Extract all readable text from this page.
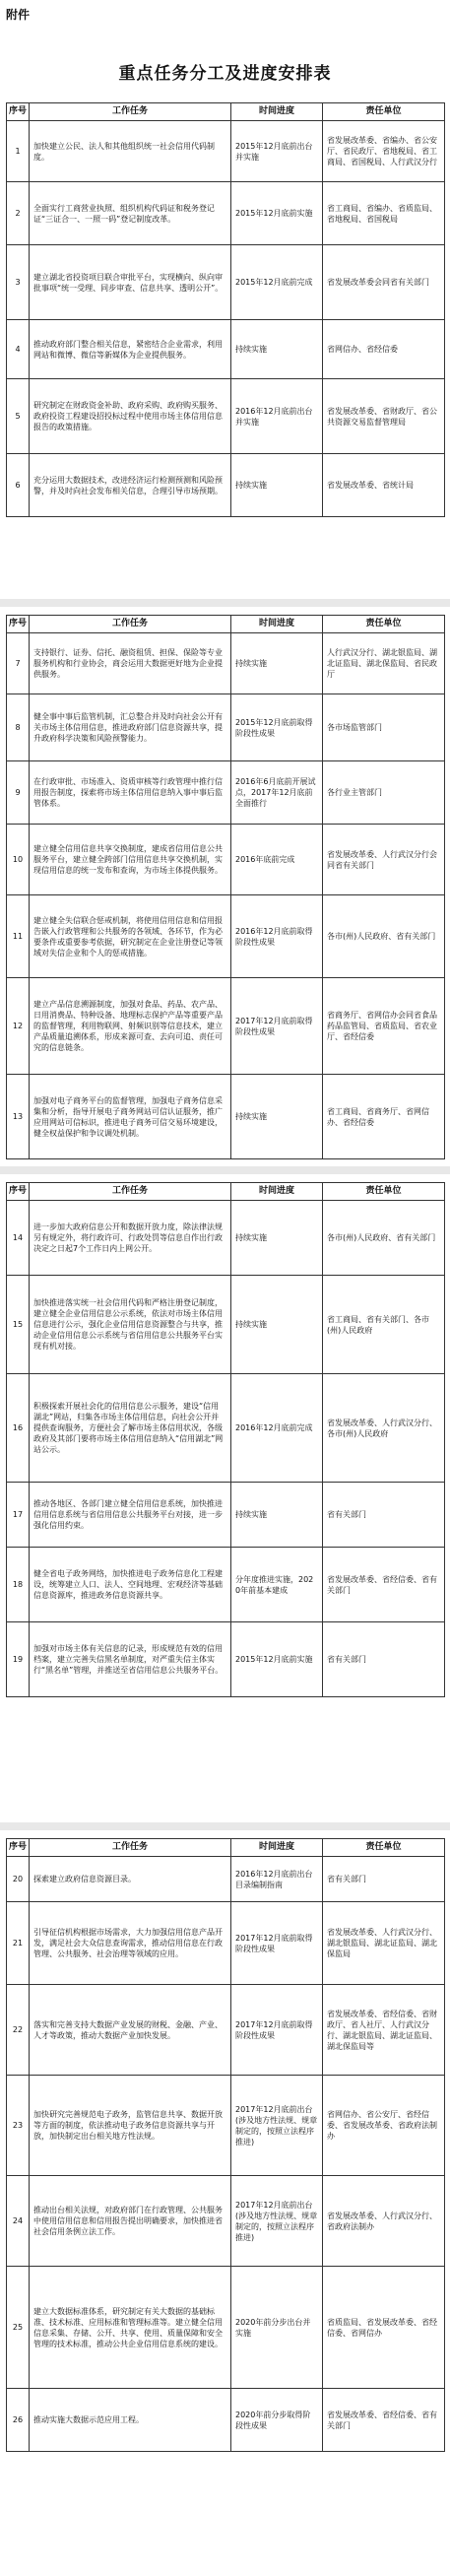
附件
重点任务分工及进度安排表
序号	工作任务	时间进度	责任单位
1	加快建立公民、法人和其他组织统一社会信用代码制度。	2015年12月底前出台并实施	省发展改革委、省编办、省公安厅、省民政厅、省地税局、省工商局、省国税局、人行武汉分行
2	全面实行工商营业执照、组织机构代码证和税务登记证“三证合一、一照一码”登记制度改革。	2015年12月底前实施	省工商局、省编办、省质监局、省地税局、省国税局
3	建立湖北省投资项目联合审批平台，实现横向、纵向审批事项“统一受理、同步审查、信息共享、透明公开”。	2015年12月底前完成	省发展改革委会同省有关部门
4	推动政府部门整合相关信息，紧密结合企业需求，利用网站和微博、微信等新媒体为企业提供服务。	持续实施	省网信办、省经信委
5	研究制定在财政资金补助、政府采购、政府购买服务、政府投资工程建设招投标过程中使用市场主体信用信息报告的政策措施。	2016年12月底前出台并实施	省发展改革委、省财政厅、省公共资源交易监督管理局
6	充分运用大数据技术，改进经济运行检测预测和风险预警，并及时向社会发布相关信息，合理引导市场预期。	持续实施	省发展改革委、省统计局
序号	工作任务	时间进度	责任单位
7	支持银行、证券、信托、融资租赁、担保、保险等专业服务机构和行业协会，商会运用大数据更好地为企业提供服务。	持续实施	人行武汉分行、湖北银监局、湖北证监局、湖北保监局、省民政厅
8	健全事中事后监管机制，汇总整合并及时向社会公开有关市场主体信用信息，推进政府部门信息资源共享，提升政府科学决策和风险预警能力。	2015年12月底前取得阶段性成果	各市场监管部门
9	在行政审批、市场准入、资质审核等行政管理中推行信用报告制度，探索将市场主体信用信息纳入事中事后监管体系。	2016年6月底前开展试点，2017年12月底前全面推行	各行业主管部门
10	建立健全信用信息共享交换制度，建成省信用信息公共服务平台，建立健全跨部门信用信息共享交换机制，实现信用信息的统一发布和查询，为市场主体提供服务。	2016年底前完成	省发展改革委、人行武汉分行会同省有关部门
11	建立健全失信联合惩戒机制，将使用信用信息和信用报告嵌入行政管理和公共服务的各领域、各环节，作为必要条件或重要参考依据，研究制定在企业注册登记等领域对失信企业和个人的惩戒措施。	2016年12月底前取得阶段性成果	各市(州)人民政府、省有关部门
12	建立产品信息溯源制度，加强对食品、药品、农产品、日用消费品、特种设备、地理标志保护产品等重要产品的监督管理，利用物联网、射频识别等信息技术，建立产品质量追溯体系，形成来源可查、去向可追、责任可究的信息链条。	2017年12月底前取得阶段性成果	省商务厅、省网信办会同省食品药品监管局、省质监局、省农业厅、省经信委
13	加强对电子商务平台的监督管理，加强电子商务信息采集和分析，指导开展电子商务网站可信认证服务，推广应用网站可信标识，推进电子商务可信交易环境建设，健全权益保护和争议调处机制。	持续实施	省工商局、省商务厅、省网信办、省经信委
序号	工作任务	时间进度	责任单位
14	进一步加大政府信息公开和数据开放力度，除法律法规另有规定外，将行政许可、行政处罚等信息自作出行政决定之日起7个工作日内上网公开。	持续实施	各市(州)人民政府、省有关部门
15	加快推进落实统一社会信用代码和严格注册登记制度，建立健全企业信用信息公示系统，依法对市场主体信用信息进行公示，强化企业信用信息资源整合与共享，推动企业信用信息公示系统与省信用信息公共服务平台实现有机对接。	持续实施	省工商局、省有关部门、各市(州)人民政府
16	积极探索开展社会化的信用信息公示服务，建设“信用湖北”网站，归集各市场主体信用信息，向社会公开并提供查询服务，方便社会了解市场主体信用状况，各级政府及其部门要将市场主体信用信息纳入“信用湖北”网站公示。	2016年12月底前完成	省发展改革委、人行武汉分行、各市(州)人民政府
17	推动各地区、各部门建立健全信用信息系统，加快推进信用信息系统与省信用信息公共服务平台对接，进一步强化信用约束。	持续实施	省有关部门
18	健全省电子政务网络，加快推进电子政务信息化工程建设，统筹建立人口、法人、空间地理、宏观经济等基础信息资源库，推进政务信息资源共享。	分年度推进实施，2020年前基本建成	省发展改革委、省经信委、省有关部门
19	加强对市场主体有关信息的记录，形成规范有效的信用档案，建立完善失信黑名单制度，对严重失信主体实行“黑名单”管理，并推送至省信用信息公共服务平台。	2015年12月底前实施	省有关部门
序号	工作任务	时间进度	责任单位
20	探索建立政府信息资源目录。	2016年12月底前出台目录编制指南	省有关部门
21	引导征信机构根据市场需求，大力加强信用信息产品开发，满足社会大众信息查询需求，推动信用信息在行政管理、公共服务、社会治理等领域的应用。	2017年12月底前取得阶段性成果	省发展改革委、人行武汉分行、湖北银监局、湖北证监局、湖北保监局
22	落实和完善支持大数据产业发展的财税、金融、产业、人才等政策，推动大数据产业加快发展。	2017年12月底前取得阶段性成果	省发展改革委、省经信委、省财政厅、省人社厅、人行武汉分行、湖北银监局、湖北证监局、湖北保监局等
23	加快研究完善规范电子政务，监管信息共享、数据开放等方面的制度，依法推动电子政务信息资源共享与开放，加快制定出台相关地方性法规。	2017年12月底前出台(涉及地方性法规、规章制定的，按照立法程序推进)	省网信办、省公安厅、省经信委、省发展改革委、省政府法制办
24	推动出台相关法规，对政府部门在行政管理、公共服务中使用信用信息和信用报告提出明确要求，加快推进省社会信用条例立法工作。	2017年12月底前出台(涉及地方性法规、规章制定的，按照立法程序推进)	省发展改革委、人行武汉分行、省政府法制办
25	建立大数据标准体系，研究制定有关大数据的基础标准、技术标准、应用标准和管理标准等。建立健全信用信息采集、存储、公开、共享、使用、质量保障和安全管理的技术标准，推动公共企业信用信息系统的建设。	2020年前分步出台并实施	省质监局、省发展改革委、省经信委、省网信办
26	推动实施大数据示范应用工程。	2020年前分步取得阶段性成果	省发展改革委、省经信委、省有关部门
